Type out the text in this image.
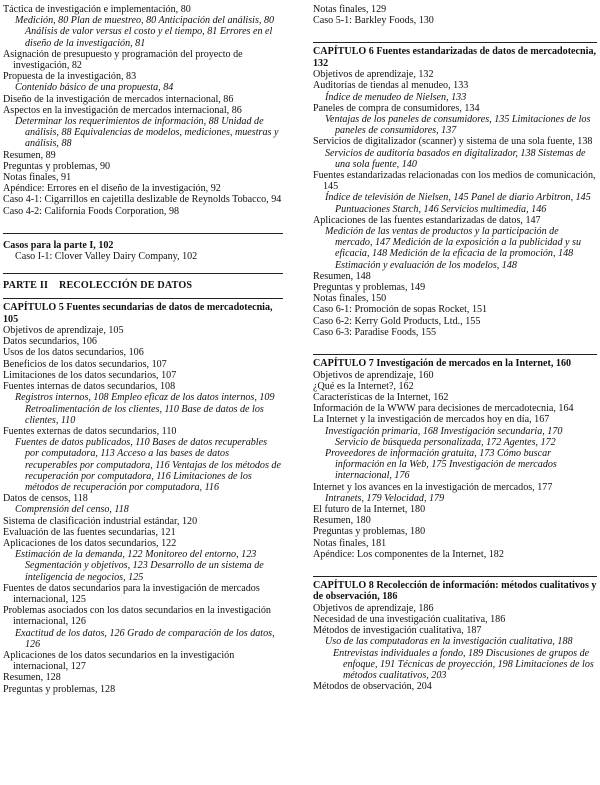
Táctica de investigación e implementación, 80

Medición, 80 Plan de muestreo, 80 Anticipación del análisis, 80 Análisis de valor versus el costo y el tiempo, 81 Errores en el diseño de la investigación, 81

Asignación de presupuesto y programación del proyecto de investigación, 82

Propuesta de la investigación, 83

Contenido básico de una propuesta, 84

Diseño de la investigación de mercados internacional, 86

Aspectos en la investigación de mercados internacional, 86

Determinar los requerimientos de información, 88 Unidad de análisis, 88 Equivalencias de modelos, mediciones, muestras y análisis, 88

Resumen, 89

Preguntas y problemas, 90

Notas finales, 91

Apéndice: Errores en el diseño de la investigación, 92

Caso 4-1: Cigarrillos en cajetilla deslizable de Reynolds Tobacco, 94

Caso 4-2: California Foods Corporation, 98

Casos para la parte I, 102

Caso I-1: Clover Valley Dairy Company, 102

PARTE II RECOLECCIÓN DE DATOS

CAPÍTULO 5 Fuentes secundarias de datos de mercadotecnia, 105

Objetivos de aprendizaje, 105

Datos secundarios, 106

Usos de los datos secundarios, 106

Beneficios de los datos secundarios, 107

Limitaciones de los datos secundarios, 107

Fuentes internas de datos secundarios, 108

Registros internos, 108 Empleo eficaz de los datos internos, 109 Retroalimentación de los clientes, 110 Base de datos de los clientes, 110

Fuentes externas de datos secundarios, 110

Fuentes de datos publicados, 110 Bases de datos recuperables por computadora, 113 Acceso a las bases de datos recuperables por computadora, 116 Ventajas de los métodos de recuperación por computadora, 116 Limitaciones de los métodos de recuperación por computadora, 116

Datos de censos, 118

Comprensión del censo, 118

Sistema de clasificación industrial estándar, 120

Evaluación de las fuentes secundarias, 121

Aplicaciones de los datos secundarios, 122

Estimación de la demanda, 122 Monitoreo del entorno, 123 Segmentación y objetivos, 123 Desarrollo de un sistema de inteligencia de negocios, 125

Fuentes de datos secundarios para la investigación de mercados internacional, 125

Problemas asociados con los datos secundarios en la investigación internacional, 126

Exactitud de los datos, 126 Grado de comparación de los datos, 126

Aplicaciones de los datos secundarios en la investigación internacional, 127

Resumen, 128

Preguntas y problemas, 128

Notas finales, 129

Caso 5-1: Barkley Foods, 130

CAPÍTULO 6 Fuentes estandarizadas de datos de mercadotecnia, 132

Objetivos de aprendizaje, 132

Auditorías de tiendas al menudeo, 133

Índice de menudeo de Nielsen, 133

Paneles de compra de consumidores, 134

Ventajas de los paneles de consumidores, 135 Limitaciones de los paneles de consumidores, 137

Servicios de digitalizador (scanner) y sistema de una sola fuente, 138

Servicios de auditoría basados en digitalizador, 138 Sistemas de una sola fuente, 140

Fuentes estandarizadas relacionadas con los medios de comunicación, 145

Índice de televisión de Nielsen, 145 Panel de diario Arbitron, 145 Puntuaciones Starch, 146 Servicios multimedia, 146

Aplicaciones de las fuentes estandarizadas de datos, 147

Medición de las ventas de productos y la participación de mercado, 147 Medición de la exposición a la publicidad y su eficacia, 148 Medición de la eficacia de la promoción, 148 Estimación y evaluación de los modelos, 148

Resumen, 148

Preguntas y problemas, 149

Notas finales, 150

Caso 6-1: Promoción de sopas Rocket, 151

Caso 6-2: Kerry Gold Products, Ltd., 155

Caso 6-3: Paradise Foods, 155

CAPÍTULO 7 Investigación de mercados en la Internet, 160

Objetivos de aprendizaje, 160

¿Qué es la Internet?, 162

Características de la Internet, 162

Información de la WWW para decisiones de mercadotecnia, 164

La Internet y la investigación de mercados hoy en día, 167

Investigación primaria, 168 Investigación secundaria, 170 Servicio de búsqueda personalizada, 172 Agentes, 172

Proveedores de información gratuita, 173 Cómo buscar información en la Web, 175 Investigación de mercados internacional, 176

Internet y los avances en la investigación de mercados, 177

Intranets, 179 Velocidad, 179

El futuro de la Internet, 180

Resumen, 180

Preguntas y problemas, 180

Notas finales, 181

Apéndice: Los componentes de la Internet, 182

CAPÍTULO 8 Recolección de información: métodos cualitativos y de observación, 186

Objetivos de aprendizaje, 186

Necesidad de una investigación cualitativa, 186

Métodos de investigación cualitativa, 187

Uso de las computadoras en la investigación cualitativa, 188

Entrevistas individuales a fondo, 189 Discusiones de grupos de enfoque, 191 Técnicas de proyección, 198 Limitaciones de los métodos cualitativos, 203

Métodos de observación, 204
